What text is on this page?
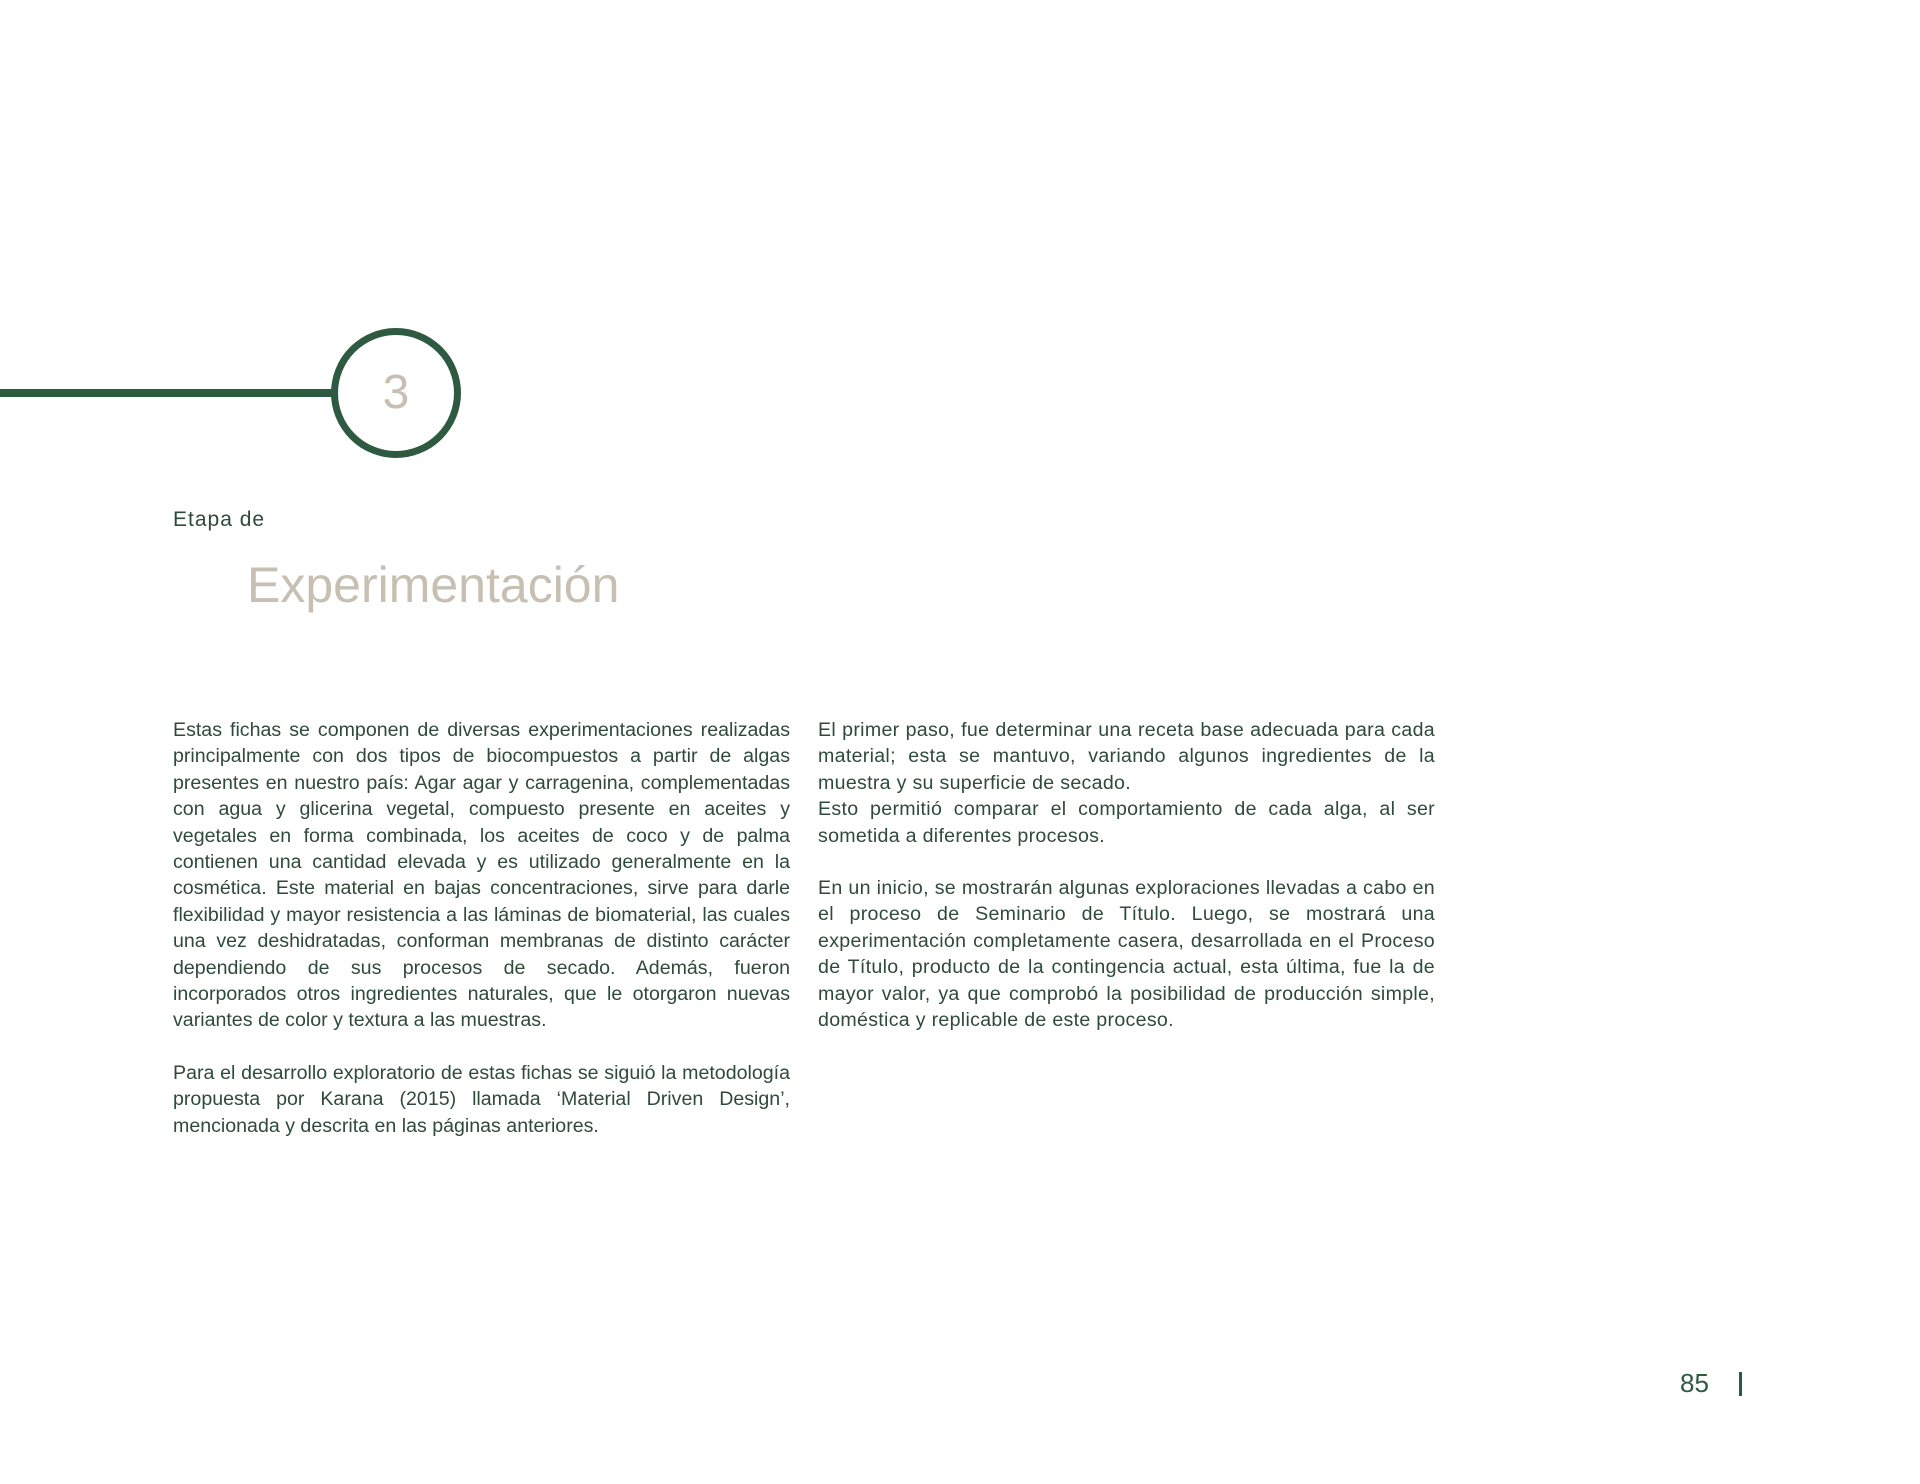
3
Etapa de
Experimentación

Estas fichas se componen de diversas experimentaciones realizadas principalmente con dos tipos de biocompuestos a partir de algas presentes en nuestro país: Agar agar y carragenina, complementadas con agua y glicerina vegetal, compuesto presente en aceites y vegetales en forma combinada, los aceites de coco y de palma contienen una cantidad elevada y es utilizado generalmente en la cosmética. Este material en bajas concentraciones, sirve para darle flexibilidad y mayor resistencia a las láminas de biomaterial, las cuales una vez deshidratadas, conforman membranas de distinto carácter dependiendo de sus procesos de secado. Además, fueron incorporados otros ingredientes naturales, que le otorgaron nuevas variantes de color y textura a las muestras.

Para el desarrollo exploratorio de estas fichas se siguió la metodología propuesta por Karana (2015) llamada ‘Material Driven Design’, mencionada y descrita en las páginas anteriores.

El primer paso, fue determinar una receta base adecuada para cada material; esta se mantuvo, variando algunos ingredientes de la muestra y su superficie de secado.

Esto permitió comparar el comportamiento de cada alga, al ser sometida a diferentes procesos.

En un inicio, se mostrarán algunas exploraciones llevadas a cabo en el proceso de Seminario de Título. Luego, se mostrará una experimentación completamente casera, desarrollada en el Proceso de Título, producto de la contingencia actual, esta última, fue la de mayor valor, ya que comprobó la posibilidad de producción simple, doméstica y replicable de este proceso.

85
